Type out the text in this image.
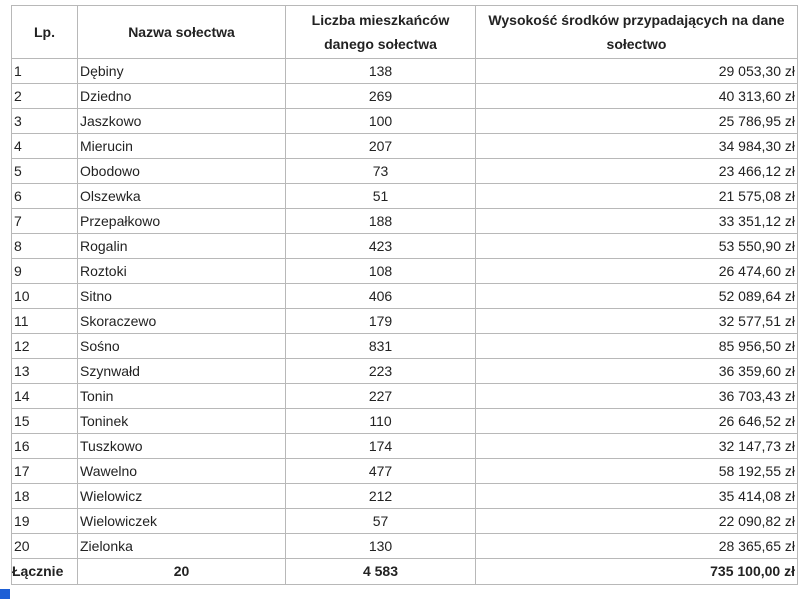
Lp.	Nazwa sołectwa	Liczba mieszkańców danego sołectwa	Wysokość środków przypadających na dane sołectwo
1	Dębiny	138	29 053,30 zł
2	Dziedno	269	40 313,60 zł
3	Jaszkowo	100	25 786,95 zł
4	Mierucin	207	34 984,30 zł
5	Obodowo	73	23 466,12 zł
6	Olszewka	51	21 575,08 zł
7	Przepałkowo	188	33 351,12 zł
8	Rogalin	423	53 550,90 zł
9	Roztoki	108	26 474,60 zł
10	Sitno	406	52 089,64 zł
11	Skoraczewo	179	32 577,51 zł
12	Sośno	831	85 956,50 zł
13	Szynwałd	223	36 359,60 zł
14	Tonin	227	36 703,43 zł
15	Toninek	110	26 646,52 zł
16	Tuszkowo	174	32 147,73 zł
17	Wawelno	477	58 192,55 zł
18	Wielowicz	212	35 414,08 zł
19	Wielowiczek	57	22 090,82 zł
20	Zielonka	130	28 365,65 zł
Łącznie	20	4 583	735 100,00 zł
